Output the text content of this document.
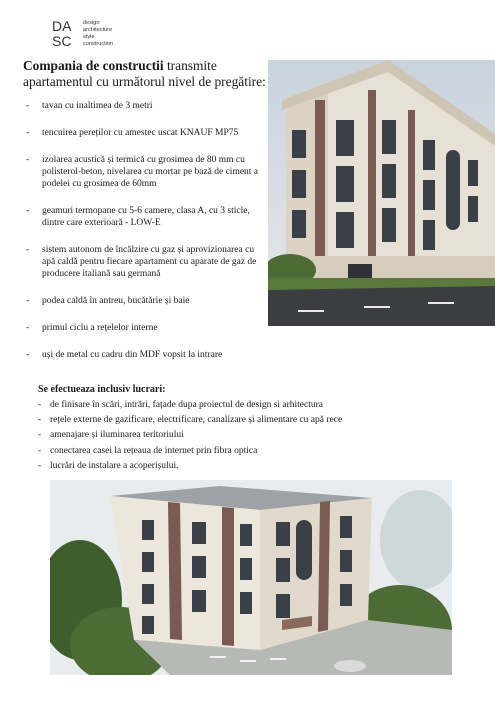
DA
SC
design
architecture
style
construction
Compania de constructii transmite apartamentul cu următorul nivel de pregătire:
- tavan cu inaltimea de 3 metri
- tencuirea pereților cu amestec uscat KNAUF MP75
- izolarea acustică și termică cu grosimea de 80 mm cu polisterol-beton, nivelarea cu mortar pe bază de ciment a podelei cu grosimea de 60mm
- geamuri termopane cu 5-6 camere, clasa A, cu 3 sticle, dintre care exterioară - LOW-E
- sistem autonom de încălzire cu gaz și aprovizionarea cu apă caldă pentru fiecare apartament cu aparate de gaz de producere italiană sau germană
- podea caldă în antreu, bucătărie și baie
- primul ciclu a rețelelor interne
- uși de metal cu cadru din MDF vopsit la intrare
Se efectueaza inclusiv lucrari:
- de finisare în scări, intrări, fațade dupa proiectul de design si arhitectura
- rețele externe de gazificare, electrificare, canalizare și alimentare cu apă rece
- amenajare și iluminarea teritoriului
- conectarea casei la rețeaua de internet prin fibra optica
- lucrări de instalare a acoperișului.
